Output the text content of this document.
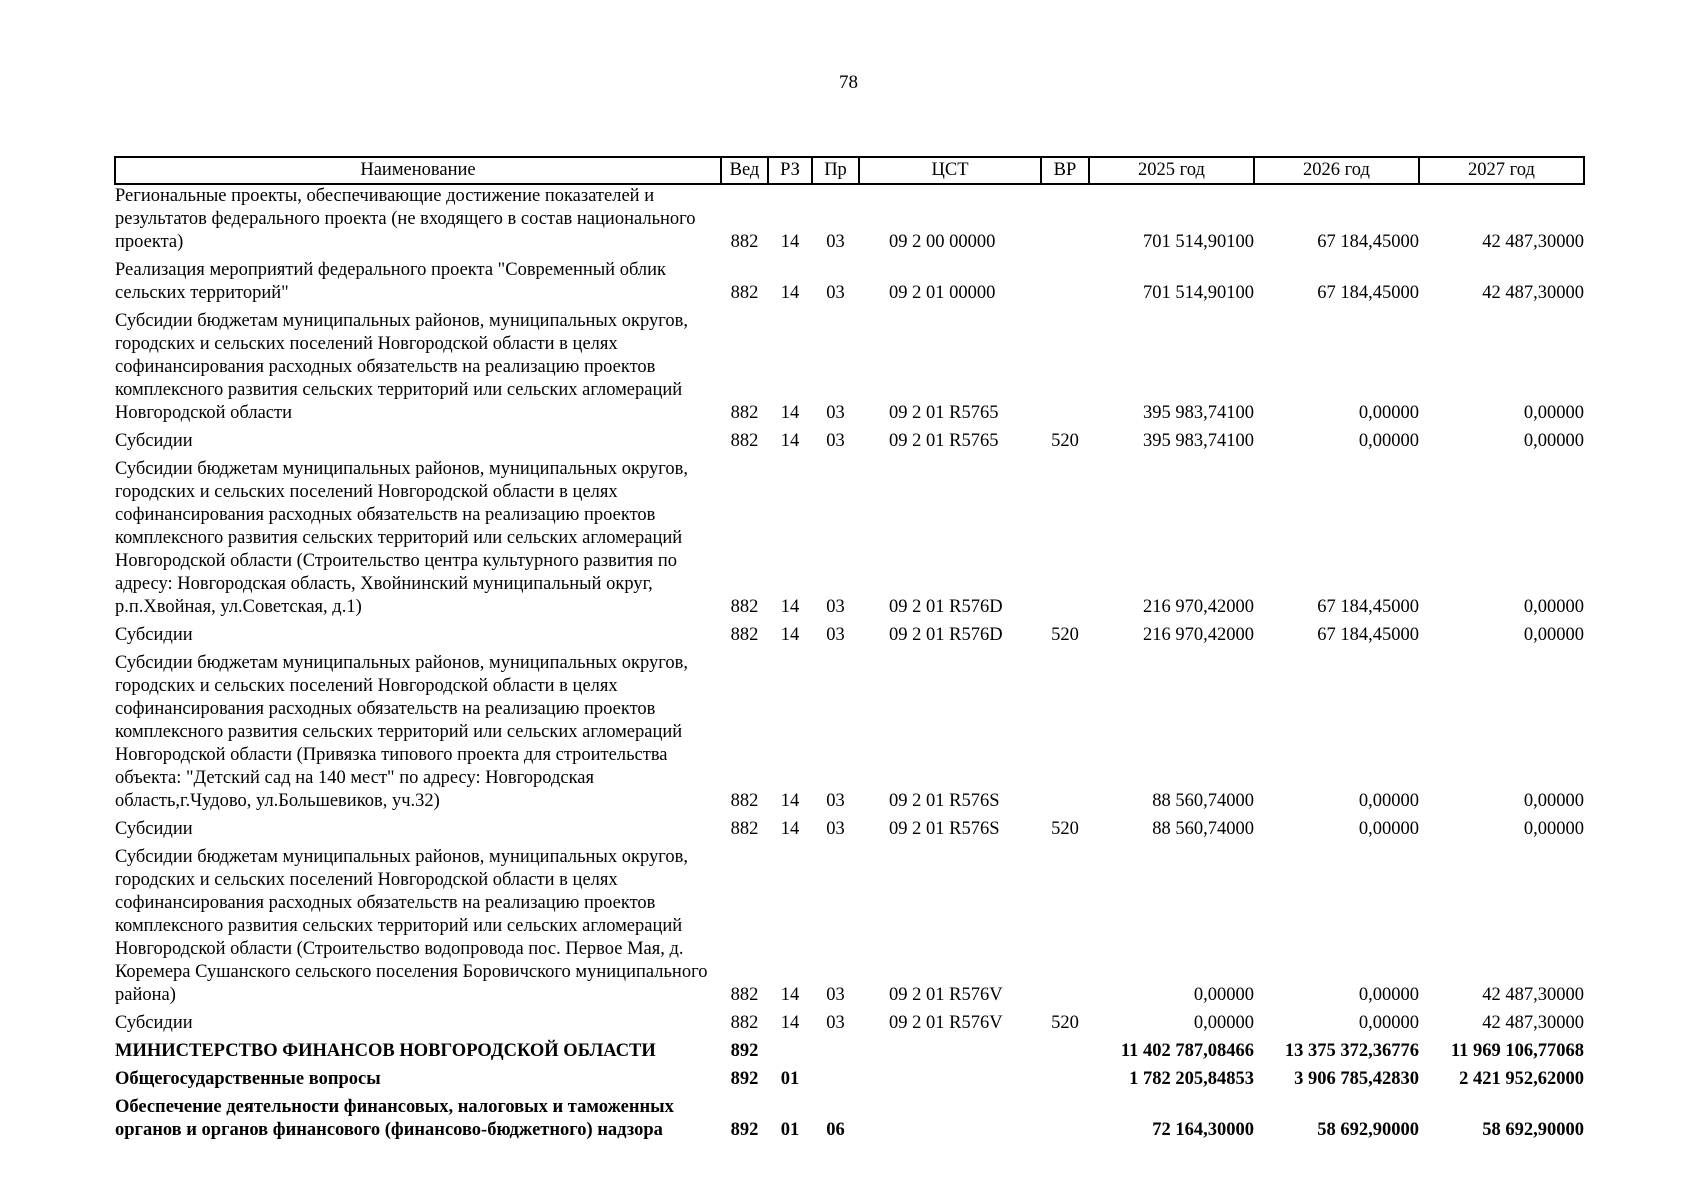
78
Наименование	Вед	РЗ	Пр	ЦСТ	ВР	2025 год	2026 год	2027 год
Региональные проекты, обеспечивающие достижение показателей и результатов федерального проекта (не входящего в состав национального проекта)	882	14	03	09 2 00 00000		701 514,90100	67 184,45000	42 487,30000
Реализация мероприятий федерального проекта "Современный облик сельских территорий"	882	14	03	09 2 01 00000		701 514,90100	67 184,45000	42 487,30000
Субсидии бюджетам муниципальных районов, муниципальных округов, городских и сельских поселений Новгородской области в целях софинансирования расходных обязательств на реализацию проектов комплексного развития сельских территорий или сельских агломераций Новгородской области	882	14	03	09 2 01 R5765		395 983,74100	0,00000	0,00000
Субсидии	882	14	03	09 2 01 R5765	520	395 983,74100	0,00000	0,00000
Субсидии бюджетам муниципальных районов, муниципальных округов, городских и сельских поселений Новгородской области в целях софинансирования расходных обязательств на реализацию проектов комплексного развития сельских территорий или сельских агломераций Новгородской области (Строительство центра культурного развития по адресу: Новгородская область, Хвойнинский муниципальный округ, р.п.Хвойная, ул.Советская, д.1)	882	14	03	09 2 01 R576D		216 970,42000	67 184,45000	0,00000
Субсидии	882	14	03	09 2 01 R576D	520	216 970,42000	67 184,45000	0,00000
Субсидии бюджетам муниципальных районов, муниципальных округов, городских и сельских поселений Новгородской области в целях софинансирования расходных обязательств на реализацию проектов комплексного развития сельских территорий или сельских агломераций Новгородской области (Привязка типового проекта для строительства объекта: "Детский сад на 140 мест" по адресу: Новгородская область,г.Чудово, ул.Большевиков, уч.32)	882	14	03	09 2 01 R576S		88 560,74000	0,00000	0,00000
Субсидии	882	14	03	09 2 01 R576S	520	88 560,74000	0,00000	0,00000
Субсидии бюджетам муниципальных районов, муниципальных округов, городских и сельских поселений Новгородской области в целях софинансирования расходных обязательств на реализацию проектов комплексного развития сельских территорий или сельских агломераций Новгородской области (Строительство водопровода пос. Первое Мая, д. Коремера Сушанского сельского поселения Боровичского муниципального района)	882	14	03	09 2 01 R576V		0,00000	0,00000	42 487,30000
Субсидии	882	14	03	09 2 01 R576V	520	0,00000	0,00000	42 487,30000
МИНИСТЕРСТВО ФИНАНСОВ НОВГОРОДСКОЙ ОБЛАСТИ	892					11 402 787,08466	13 375 372,36776	11 969 106,77068
Общегосударственные вопросы	892	01				1 782 205,84853	3 906 785,42830	2 421 952,62000
Обеспечение деятельности финансовых, налоговых и таможенных органов и органов финансового (финансово-бюджетного) надзора	892	01	06			72 164,30000	58 692,90000	58 692,90000
